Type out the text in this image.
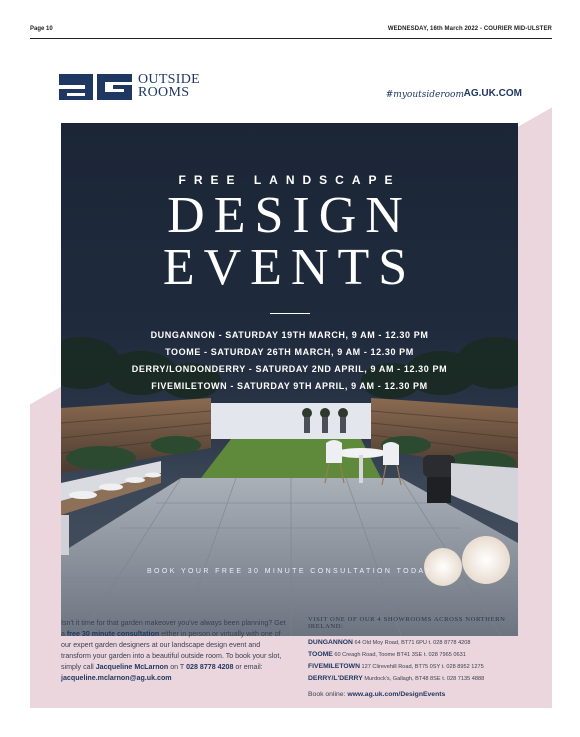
Page 10	WEDNESDAY, 16th March 2022 - COURIER MID-ULSTER
OUTSIDE
ROOMS	#myoutsideroom AG.UK.COM
FREE LANDSCAPE
DESIGN
EVENTS
DUNGANNON - SATURDAY 19TH MARCH, 9 AM - 12.30 PM
TOOME - SATURDAY 26TH MARCH, 9 AM - 12.30 PM
DERRY/LONDONDERRY - SATURDAY 2ND APRIL, 9 AM - 12.30 PM
FIVEMILETOWN - SATURDAY 9TH APRIL, 9 AM - 12.30 PM
BOOK YOUR FREE 30 MINUTE CONSULTATION TODAY
Isn't it time for that garden makeover you've always been planning? Get a free 30 minute consultation either in person or virtually with one of our expert garden designers at our landscape design event and transform your garden into a beautiful outside room. To book your slot, simply call Jacqueline McLarnon on T 028 8778 4208 or email: jacqueline.mclarnon@ag.uk.com
VISIT ONE OF OUR 4 SHOWROOMS ACROSS NORTHERN IRELAND:
DUNGANNON 64 Old Moy Road, BT71 6PU t. 028 8778 4208
TOOME 60 Creagh Road, Toome BT41 3SE t. 028 7965 0631
FIVEMILETOWN 127 Clirevehill Road, BT75 0SY t. 028 8952 1275
DERRY/L'DERRY Murdock's, Gallagh, BT48 8SE t. 028 7135 4888
Book online: www.ag.uk.com/DesignEvents
